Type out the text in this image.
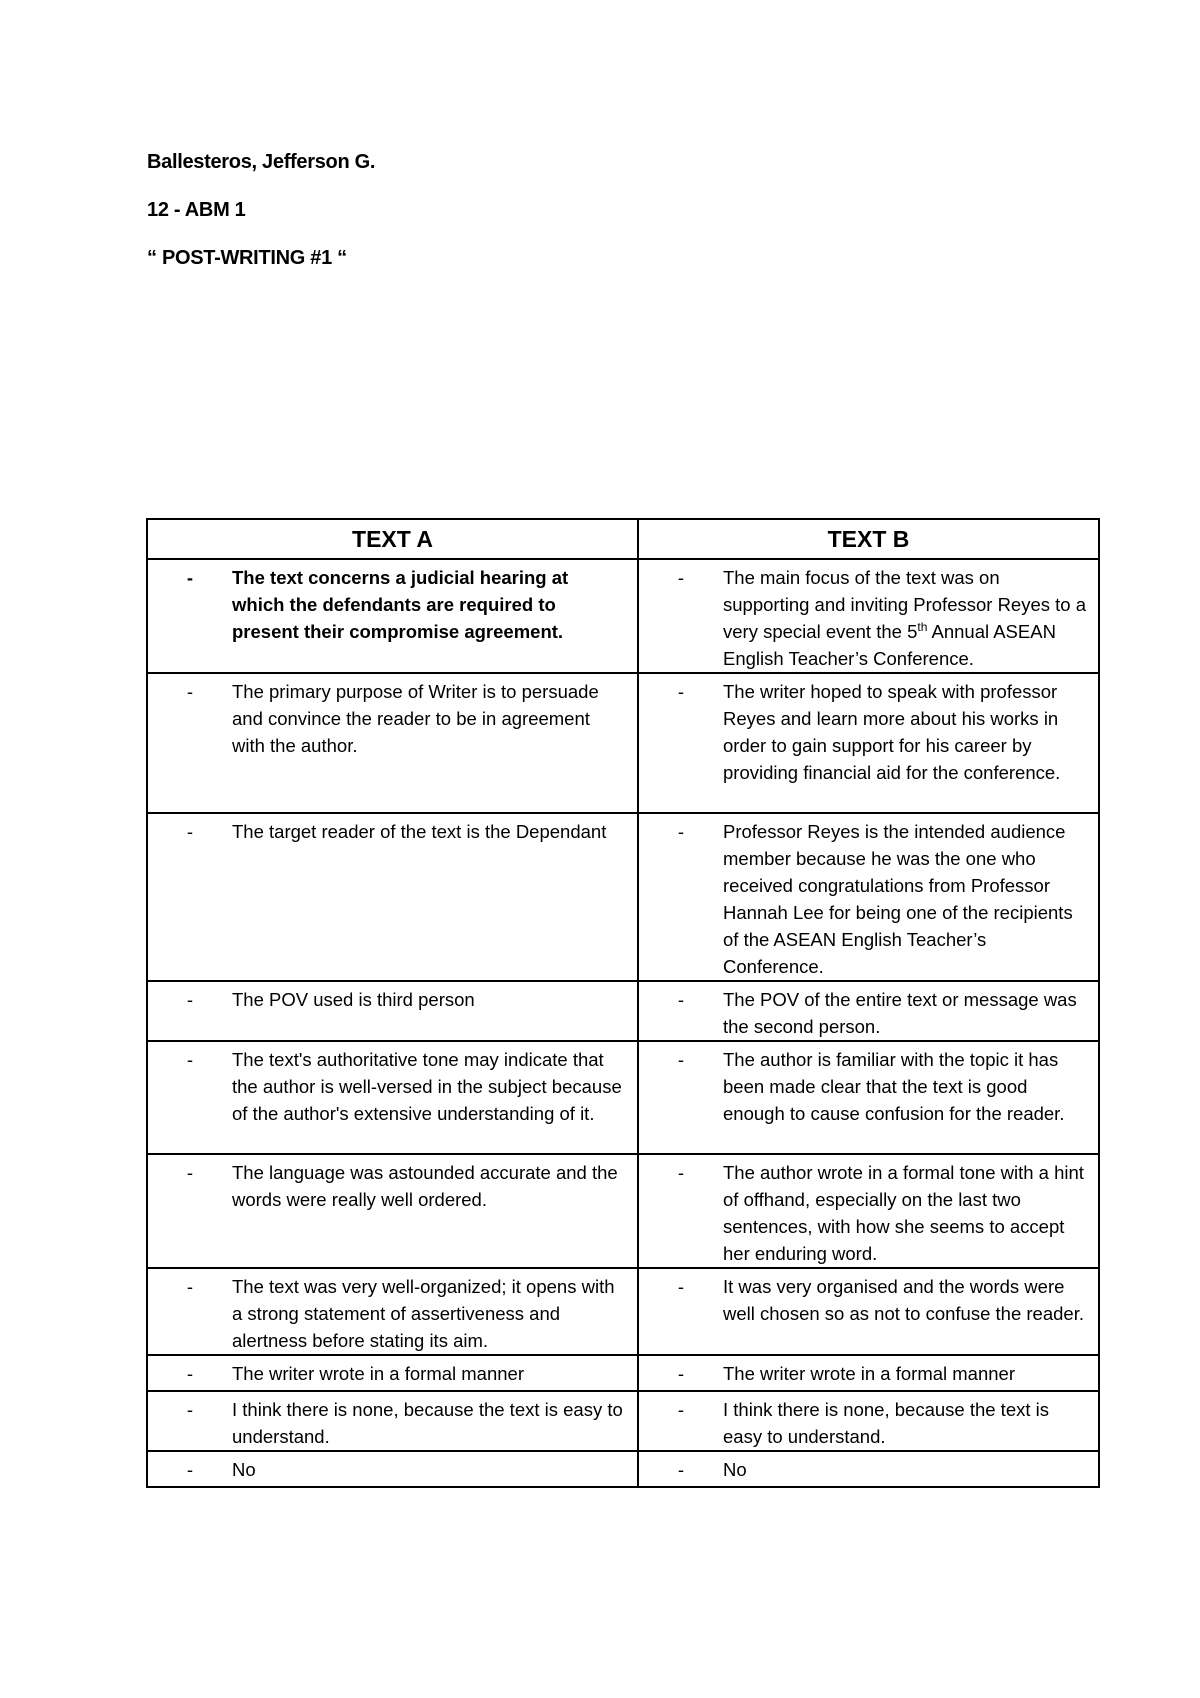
Ballesteros, Jefferson G.
12 - ABM 1
“ POST-WRITING #1 “
TEXT A	TEXT B

- The text concerns a judicial hearing at which the defendants are required to present their compromise agreement.	- The main focus of the text was on supporting and inviting Professor Reyes to a very special event the 5th Annual ASEAN English Teacher’s Conference.

- The primary purpose of Writer is to persuade and convince the reader to be in agreement with the author.	- The writer hoped to speak with professor Reyes and learn more about his works in order to gain support for his career by providing financial aid for the conference.

- The target reader of the text is the Dependant	- Professor Reyes is the intended audience member because he was the one who received congratulations from Professor Hannah Lee for being one of the recipients of the ASEAN English Teacher’s Conference.

- The POV used is third person	- The POV of the entire text or message was the second person.

- The text's authoritative tone may indicate that the author is well-versed in the subject because of the author's extensive understanding of it.	- The author is familiar with the topic it has been made clear that the text is good enough to cause confusion for the reader.

- The language was astounded accurate and the words were really well ordered.	- The author wrote in a formal tone with a hint of offhand, especially on the last two sentences, with how she seems to accept her enduring word.

- The text was very well-organized; it opens with a strong statement of assertiveness and alertness before stating its aim.	- It was very organised and the words were well chosen so as not to confuse the reader.

- The writer wrote in a formal manner	- The writer wrote in a formal manner

- I think there is none, because the text is easy to understand.	- I think there is none, because the text is easy to understand.

- No	- No
